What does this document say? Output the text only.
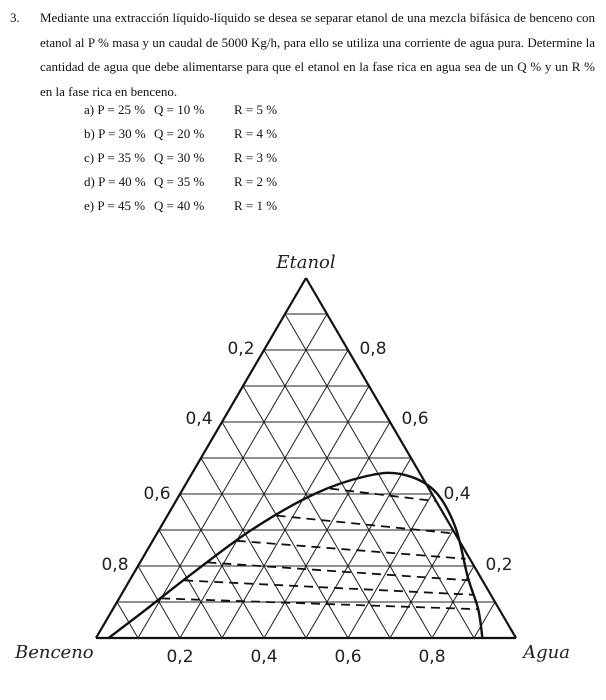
3. Mediante una extracción líquido-líquido se desea se separar etanol de una mezcla bifásica de benceno con etanol al P % masa y un caudal de 5000 Kg/h, para ello se utiliza una corriente de agua pura. Determine la cantidad de agua que debe alimentarse para que el etanol en la fase rica en agua sea de un Q % y un R % en la fase rica en benceno.
a) P = 25 % Q = 10 % R = 5 %
b) P = 30 % Q = 20 % R = 4 %
c) P = 35 % Q = 30 % R = 3 %
d) P = 40 % Q = 35 % R = 2 %
e) P = 45 % Q = 40 % R = 1 %
Etanol
Benceno	Agua
0,2
0,4
0,6
0,8
0,8
0,6
0,4
0,2
0,2	0,4	0,6	0,8
